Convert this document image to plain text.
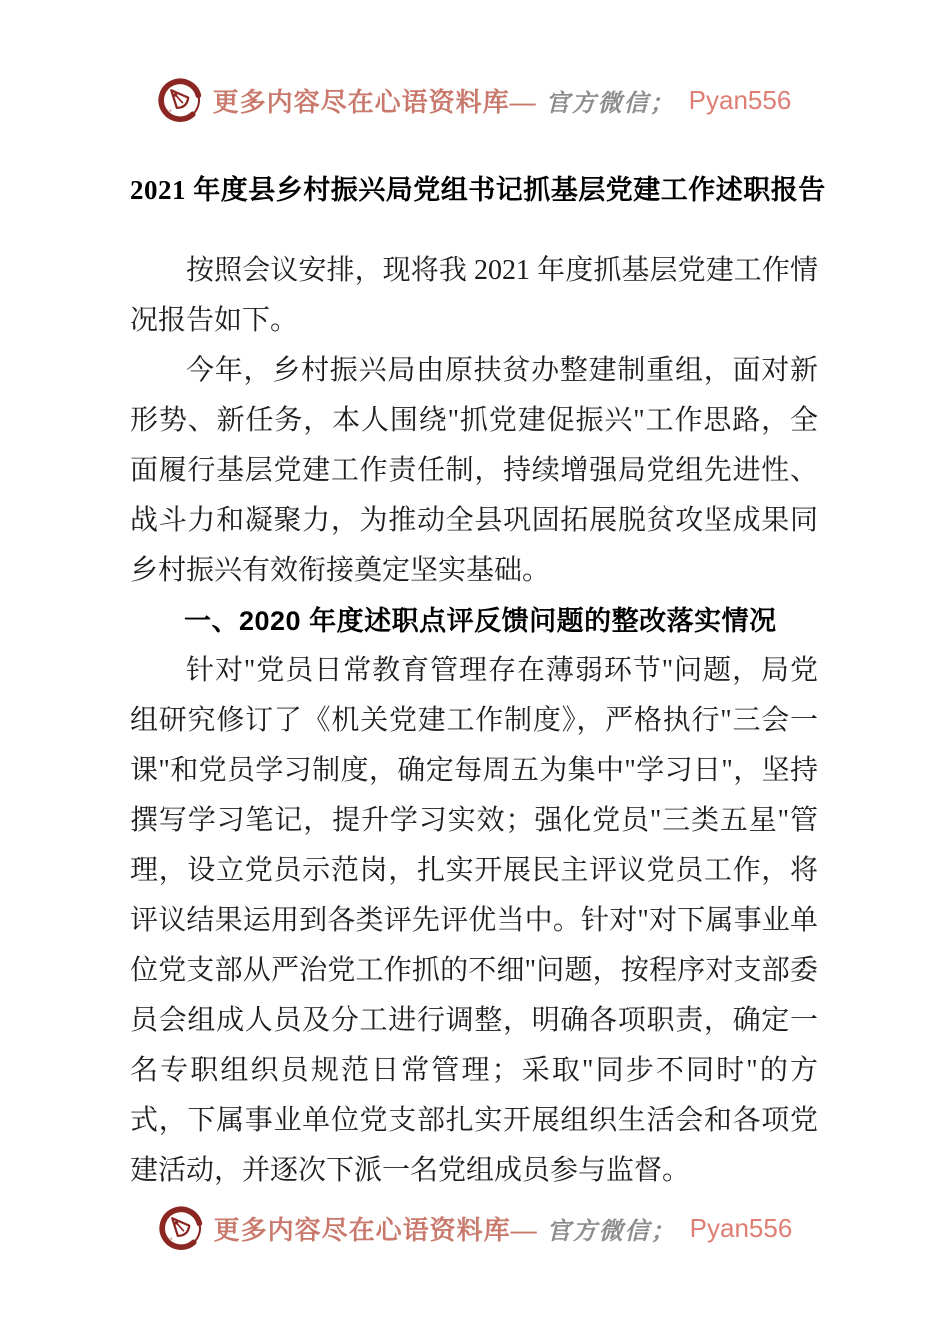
更多内容尽在心语资料库— 官方微信； Pyan556
2021 年度县乡村振兴局党组书记抓基层党建工作述职报告

按照会议安排，现将我 2021 年度抓基层党建工作情况报告如下。

今年，乡村振兴局由原扶贫办整建制重组，面对新形势、新任务，本人围绕"抓党建促振兴"工作思路，全面履行基层党建工作责任制，持续增强局党组先进性、战斗力和凝聚力，为推动全县巩固拓展脱贫攻坚成果同乡村振兴有效衔接奠定坚实基础。

一、2020 年度述职点评反馈问题的整改落实情况

针对"党员日常教育管理存在薄弱环节"问题，局党组研究修订了《机关党建工作制度》，严格执行"三会一课"和党员学习制度，确定每周五为集中"学习日"，坚持撰写学习笔记，提升学习实效；强化党员"三类五星"管理，设立党员示范岗，扎实开展民主评议党员工作，将评议结果运用到各类评先评优当中。针对"对下属事业单位党支部从严治党工作抓的不细"问题，按程序对支部委员会组成人员及分工进行调整，明确各项职责，确定一名专职组织员规范日常管理；采取"同步不同时"的方式，下属事业单位党支部扎实开展组织生活会和各项党建活动，并逐次下派一名党组成员参与监督。

更多内容尽在心语资料库— 官方微信； Pyan556
